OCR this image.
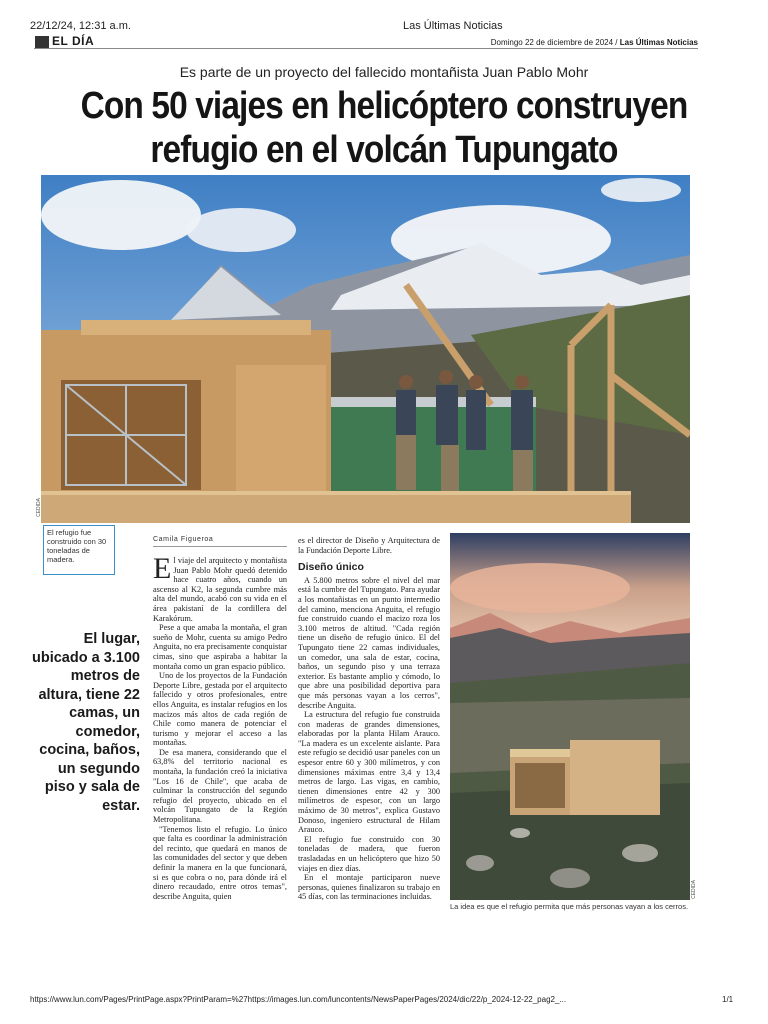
22/12/24, 12:31 a.m.	Las Últimas Noticias
EL DÍA	Domingo 22 de diciembre de 2024 / Las Últimas Noticias
Es parte de un proyecto del fallecido montañista Juan Pablo Mohr
Con 50 viajes en helicóptero construyen
refugio en el volcán Tupungato
CEDIDA
El refugio fue construido con 30 toneladas de madera.
Camila Figueroa
El lugar, ubicado a 3.100 metros de altura, tiene 22 camas, un comedor, cocina, baños, un segundo piso y sala de estar.

El viaje del arquitecto y montañista Juan Pablo Mohr quedó detenido hace cuatro años, cuando un ascenso al K2, la segunda cumbre más alta del mundo, acabó con su vida en el área pakistaní de la cordillera del Karakórum.

Pese a que amaba la montaña, el gran sueño de Mohr, cuenta su amigo Pedro Anguita, no era precisamente conquistar cimas, sino que aspiraba a habitar la montaña como un gran espacio público.

Uno de los proyectos de la Fundación Deporte Libre, gestada por el arquitecto fallecido y otros profesionales, entre ellos Anguita, es instalar refugios en los macizos más altos de cada región de Chile como manera de potenciar el turismo y mejorar el acceso a las montañas.

De esa manera, considerando que el 63,8% del territorio nacional es montaña, la fundación creó la iniciativa "Los 16 de Chile", que acaba de culminar la construcción del segundo refugio del proyecto, ubicado en el volcán Tupungato de la Región Metropolitana.

"Tenemos listo el refugio. Lo único que falta es coordinar la administración del recinto, que quedará en manos de las comunidades del sector y que deben definir la manera en la que funcionará, si es que cobra o no, para dónde irá el dinero recaudado, entre otros temas", describe Anguita, quien

es el director de Diseño y Arquitectura de la Fundación Deporte Libre.

Diseño único

A 5.800 metros sobre el nivel del mar está la cumbre del Tupungato. Para ayudar a los montañistas en un punto intermedio del camino, menciona Anguita, el refugio fue construido cuando el macizo roza los 3.100 metros de altitud. "Cada región tiene un diseño de refugio único. El del Tupungato tiene 22 camas individuales, un comedor, una sala de estar, cocina, baños, un segundo piso y una terraza exterior. Es bastante amplio y cómodo, lo que abre una posibilidad deportiva para que más personas vayan a los cerros", describe Anguita.

La estructura del refugio fue construida con maderas de grandes dimensiones, elaboradas por la planta Hilam Arauco. "La madera es un excelente aislante. Para este refugio se decidió usar paneles con un espesor entre 60 y 300 milímetros, y con dimensiones máximas entre 3,4 y 13,4 metros de largo. Las vigas, en cambio, tienen dimensiones entre 42 y 300 milímetros de espesor, con un largo máximo de 30 metros", explica Gustavo Donoso, ingeniero estructural de Hilam Arauco.

El refugio fue construido con 30 toneladas de madera, que fueron trasladadas en un helicóptero que hizo 50 viajes en diez días.

En el montaje participaron nueve personas, quienes finalizaron su trabajo en 45 días, con las terminaciones incluidas.	CEDIDA
La idea es que el refugio permita que más personas vayan a los cerros.
https://www.lun.com/Pages/PrintPage.aspx?PrintParam=%27https://images.lun.com/luncontents/NewsPaperPages/2024/dic/22/p_2024-12-22_pag2_...	1/1
